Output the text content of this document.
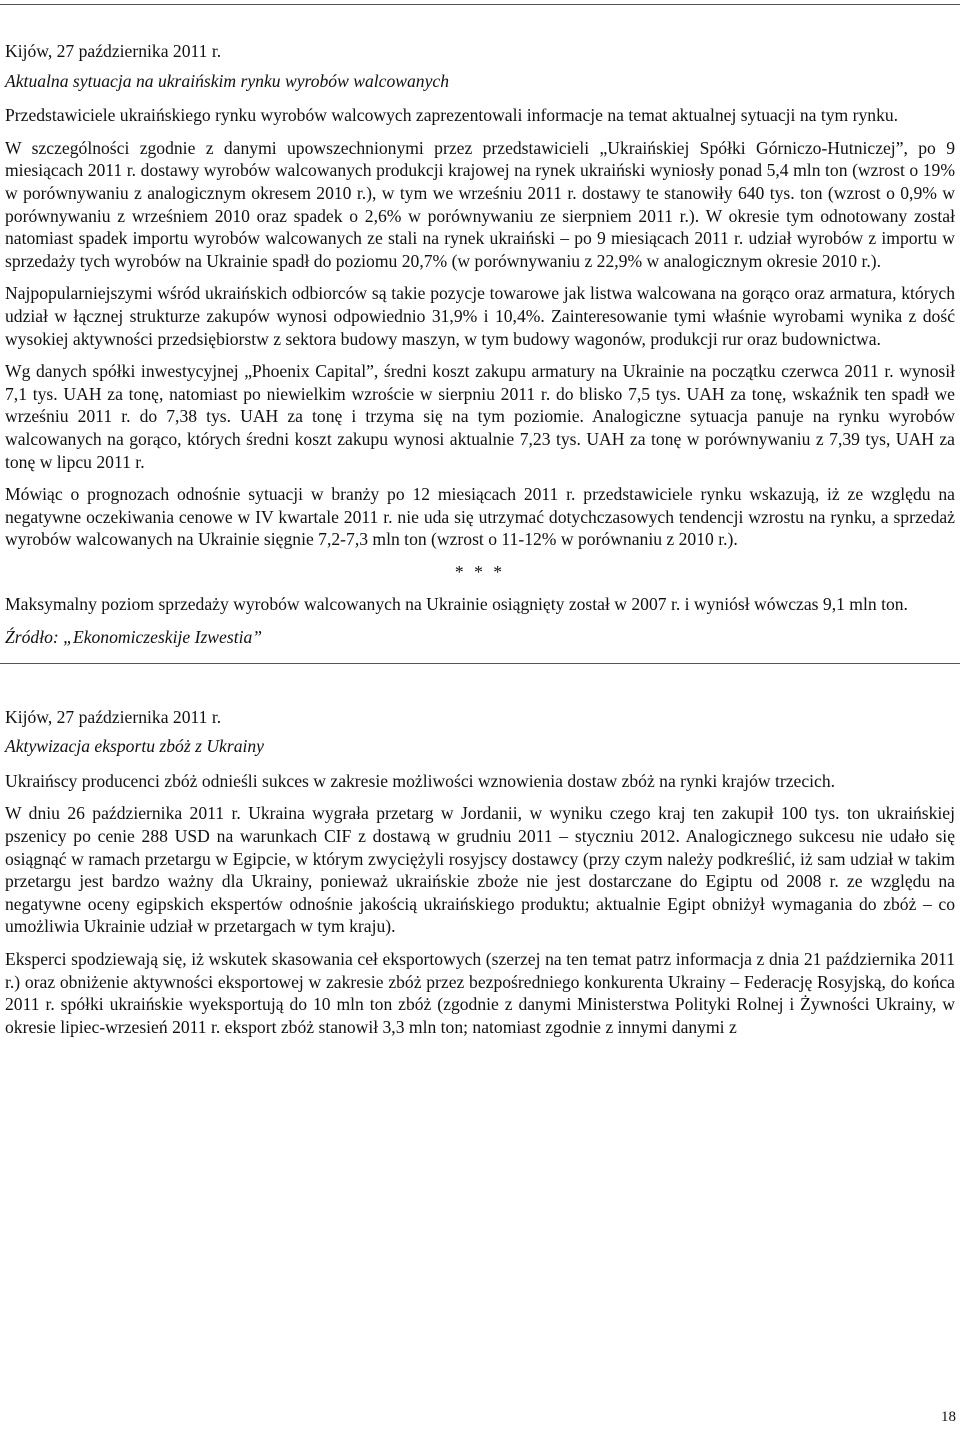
Kijów, 27 października 2011 r.

Aktualna sytuacja na ukraińskim rynku wyrobów walcowanych

Przedstawiciele ukraińskiego rynku wyrobów walcowych zaprezentowali informacje na temat aktualnej sytuacji na tym rynku.

W szczególności zgodnie z danymi upowszechnionymi przez przedstawicieli „Ukraińskiej Spółki Górniczo-Hutniczej”, po 9 miesiącach 2011 r. dostawy wyrobów walcowanych produkcji krajowej na rynek ukraiński wyniosły ponad 5,4 mln ton (wzrost o 19% w porównywaniu z analogicznym okresem 2010 r.), w tym we wrześniu 2011 r. dostawy te stanowiły 640 tys. ton (wzrost o 0,9% w porównywaniu z wrześniem 2010 oraz spadek o 2,6% w porównywaniu ze sierpniem 2011 r.). W okresie tym odnotowany został natomiast spadek importu wyrobów walcowanych ze stali na rynek ukraiński – po 9 miesiącach 2011 r. udział wyrobów z importu w sprzedaży tych wyrobów na Ukrainie spadł do poziomu 20,7% (w porównywaniu z 22,9% w analogicznym okresie 2010 r.).

Najpopularniejszymi wśród ukraińskich odbiorców są takie pozycje towarowe jak listwa walcowana na gorąco oraz armatura, których udział w łącznej strukturze zakupów wynosi odpowiednio 31,9% i 10,4%. Zainteresowanie tymi właśnie wyrobami wynika z dość wysokiej aktywności przedsiębiorstw z sektora budowy maszyn, w tym budowy wagonów, produkcji rur oraz budownictwa.

Wg danych spółki inwestycyjnej „Phoenix Capital”, średni koszt zakupu armatury na Ukrainie na początku czerwca 2011 r. wynosił 7,1 tys. UAH za tonę, natomiast po niewielkim wzroście w sierpniu 2011 r. do blisko 7,5 tys. UAH za tonę, wskaźnik ten spadł we wrześniu 2011 r. do 7,38 tys. UAH za tonę i trzyma się na tym poziomie. Analogiczne sytuacja panuje na rynku wyrobów walcowanych na gorąco, których średni koszt zakupu wynosi aktualnie 7,23 tys. UAH za tonę w porównywaniu z 7,39 tys, UAH za tonę w lipcu 2011 r.

Mówiąc o prognozach odnośnie sytuacji w branży po 12 miesiącach 2011 r. przedstawiciele rynku wskazują, iż ze względu na negatywne oczekiwania cenowe w IV kwartale 2011 r. nie uda się utrzymać dotychczasowych tendencji wzrostu na rynku, a sprzedaż wyrobów walcowanych na Ukrainie sięgnie 7,2-7,3 mln ton (wzrost o 11-12% w porównaniu z 2010 r.).

* * *

Maksymalny poziom sprzedaży wyrobów walcowanych na Ukrainie osiągnięty został w 2007 r. i wyniósł wówczas 9,1 mln ton.

Źródło: „Ekonomiczeskije Izwestia”

Kijów, 27 października 2011 r.

Aktywizacja eksportu zbóż z Ukrainy

Ukraińscy producenci zbóż odnieśli sukces w zakresie możliwości wznowienia dostaw zbóż na rynki krajów trzecich.

W dniu 26 października 2011 r. Ukraina wygrała przetarg w Jordanii, w wyniku czego kraj ten zakupił 100 tys. ton ukraińskiej pszenicy po cenie 288 USD na warunkach CIF z dostawą w grudniu 2011 – styczniu 2012. Analogicznego sukcesu nie udało się osiągnąć w ramach przetargu w Egipcie, w którym zwyciężyli rosyjscy dostawcy (przy czym należy podkreślić, iż sam udział w takim przetargu jest bardzo ważny dla Ukrainy, ponieważ ukraińskie zboże nie jest dostarczane do Egiptu od 2008 r. ze względu na negatywne oceny egipskich ekspertów odnośnie jakością ukraińskiego produktu; aktualnie Egipt obniżył wymagania do zbóż – co umożliwia Ukrainie udział w przetargach w tym kraju).

Eksperci spodziewają się, iż wskutek skasowania ceł eksportowych (szerzej na ten temat patrz informacja z dnia 21 października 2011 r.) oraz obniżenie aktywności eksportowej w zakresie zbóż przez bezpośredniego konkurenta Ukrainy – Federację Rosyjską, do końca 2011 r. spółki ukraińskie wyeksportują do 10 mln ton zbóż (zgodnie z danymi Ministerstwa Polityki Rolnej i Żywności Ukrainy, w okresie lipiec-wrzesień 2011 r. eksport zbóż stanowił 3,3 mln ton; natomiast zgodnie z innymi danymi z

18
